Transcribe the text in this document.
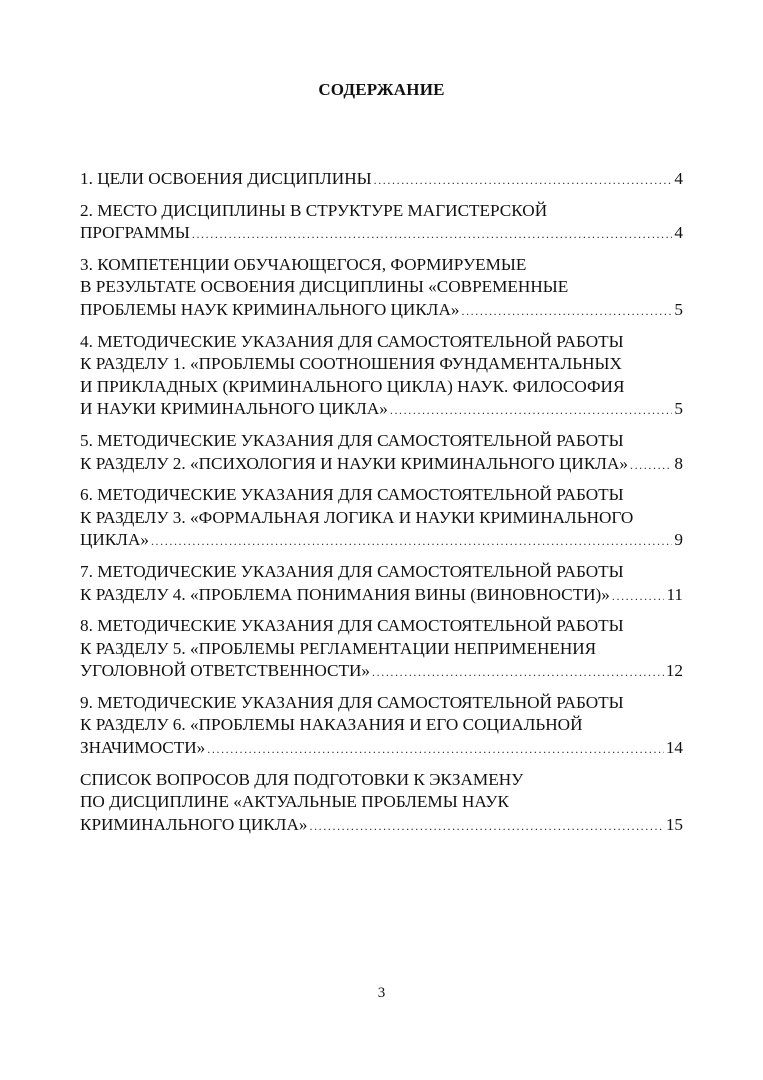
СОДЕРЖАНИЕ
1. ЦЕЛИ ОСВОЕНИЯ ДИСЦИПЛИНЫ .....	4
2. МЕСТО ДИСЦИПЛИНЫ В СТРУКТУРЕ МАГИСТЕРСКОЙ
ПРОГРАММЫ .....	4
3. КОМПЕТЕНЦИИ ОБУЧАЮЩЕГОСЯ, ФОРМИРУЕМЫЕ
В РЕЗУЛЬТАТЕ ОСВОЕНИЯ ДИСЦИПЛИНЫ «СОВРЕМЕННЫЕ
ПРОБЛЕМЫ НАУК КРИМИНАЛЬНОГО ЦИКЛА» .....	5
4. МЕТОДИЧЕСКИЕ УКАЗАНИЯ ДЛЯ САМОСТОЯТЕЛЬНОЙ РАБОТЫ
К РАЗДЕЛУ 1. «ПРОБЛЕМЫ СООТНОШЕНИЯ ФУНДАМЕНТАЛЬНЫХ
И ПРИКЛАДНЫХ (КРИМИНАЛЬНОГО ЦИКЛА) НАУК. ФИЛОСОФИЯ
И НАУКИ КРИМИНАЛЬНОГО ЦИКЛА» .....	5
5. МЕТОДИЧЕСКИЕ УКАЗАНИЯ ДЛЯ САМОСТОЯТЕЛЬНОЙ РАБОТЫ
К РАЗДЕЛУ 2. «ПСИХОЛОГИЯ И НАУКИ КРИМИНАЛЬНОГО ЦИКЛА» .....	8
6. МЕТОДИЧЕСКИЕ УКАЗАНИЯ ДЛЯ САМОСТОЯТЕЛЬНОЙ РАБОТЫ
К РАЗДЕЛУ 3. «ФОРМАЛЬНАЯ ЛОГИКА И НАУКИ КРИМИНАЛЬНОГО
ЦИКЛА» .....	9
7. МЕТОДИЧЕСКИЕ УКАЗАНИЯ ДЛЯ САМОСТОЯТЕЛЬНОЙ РАБОТЫ
К РАЗДЕЛУ 4. «ПРОБЛЕМА ПОНИМАНИЯ ВИНЫ (ВИНОВНОСТИ)» .....	11
8. МЕТОДИЧЕСКИЕ УКАЗАНИЯ ДЛЯ САМОСТОЯТЕЛЬНОЙ РАБОТЫ
К РАЗДЕЛУ 5. «ПРОБЛЕМЫ РЕГЛАМЕНТАЦИИ НЕПРИМЕНЕНИЯ
УГОЛОВНОЙ ОТВЕТСТВЕННОСТИ» .....	12
9. МЕТОДИЧЕСКИЕ УКАЗАНИЯ ДЛЯ САМОСТОЯТЕЛЬНОЙ РАБОТЫ
К РАЗДЕЛУ 6. «ПРОБЛЕМЫ НАКАЗАНИЯ И ЕГО СОЦИАЛЬНОЙ
ЗНАЧИМОСТИ» .....	14
СПИСОК ВОПРОСОВ ДЛЯ ПОДГОТОВКИ К ЭКЗАМЕНУ
ПО ДИСЦИПЛИНЕ «АКТУАЛЬНЫЕ ПРОБЛЕМЫ НАУК
КРИМИНАЛЬНОГО ЦИКЛА» .....	15
3
